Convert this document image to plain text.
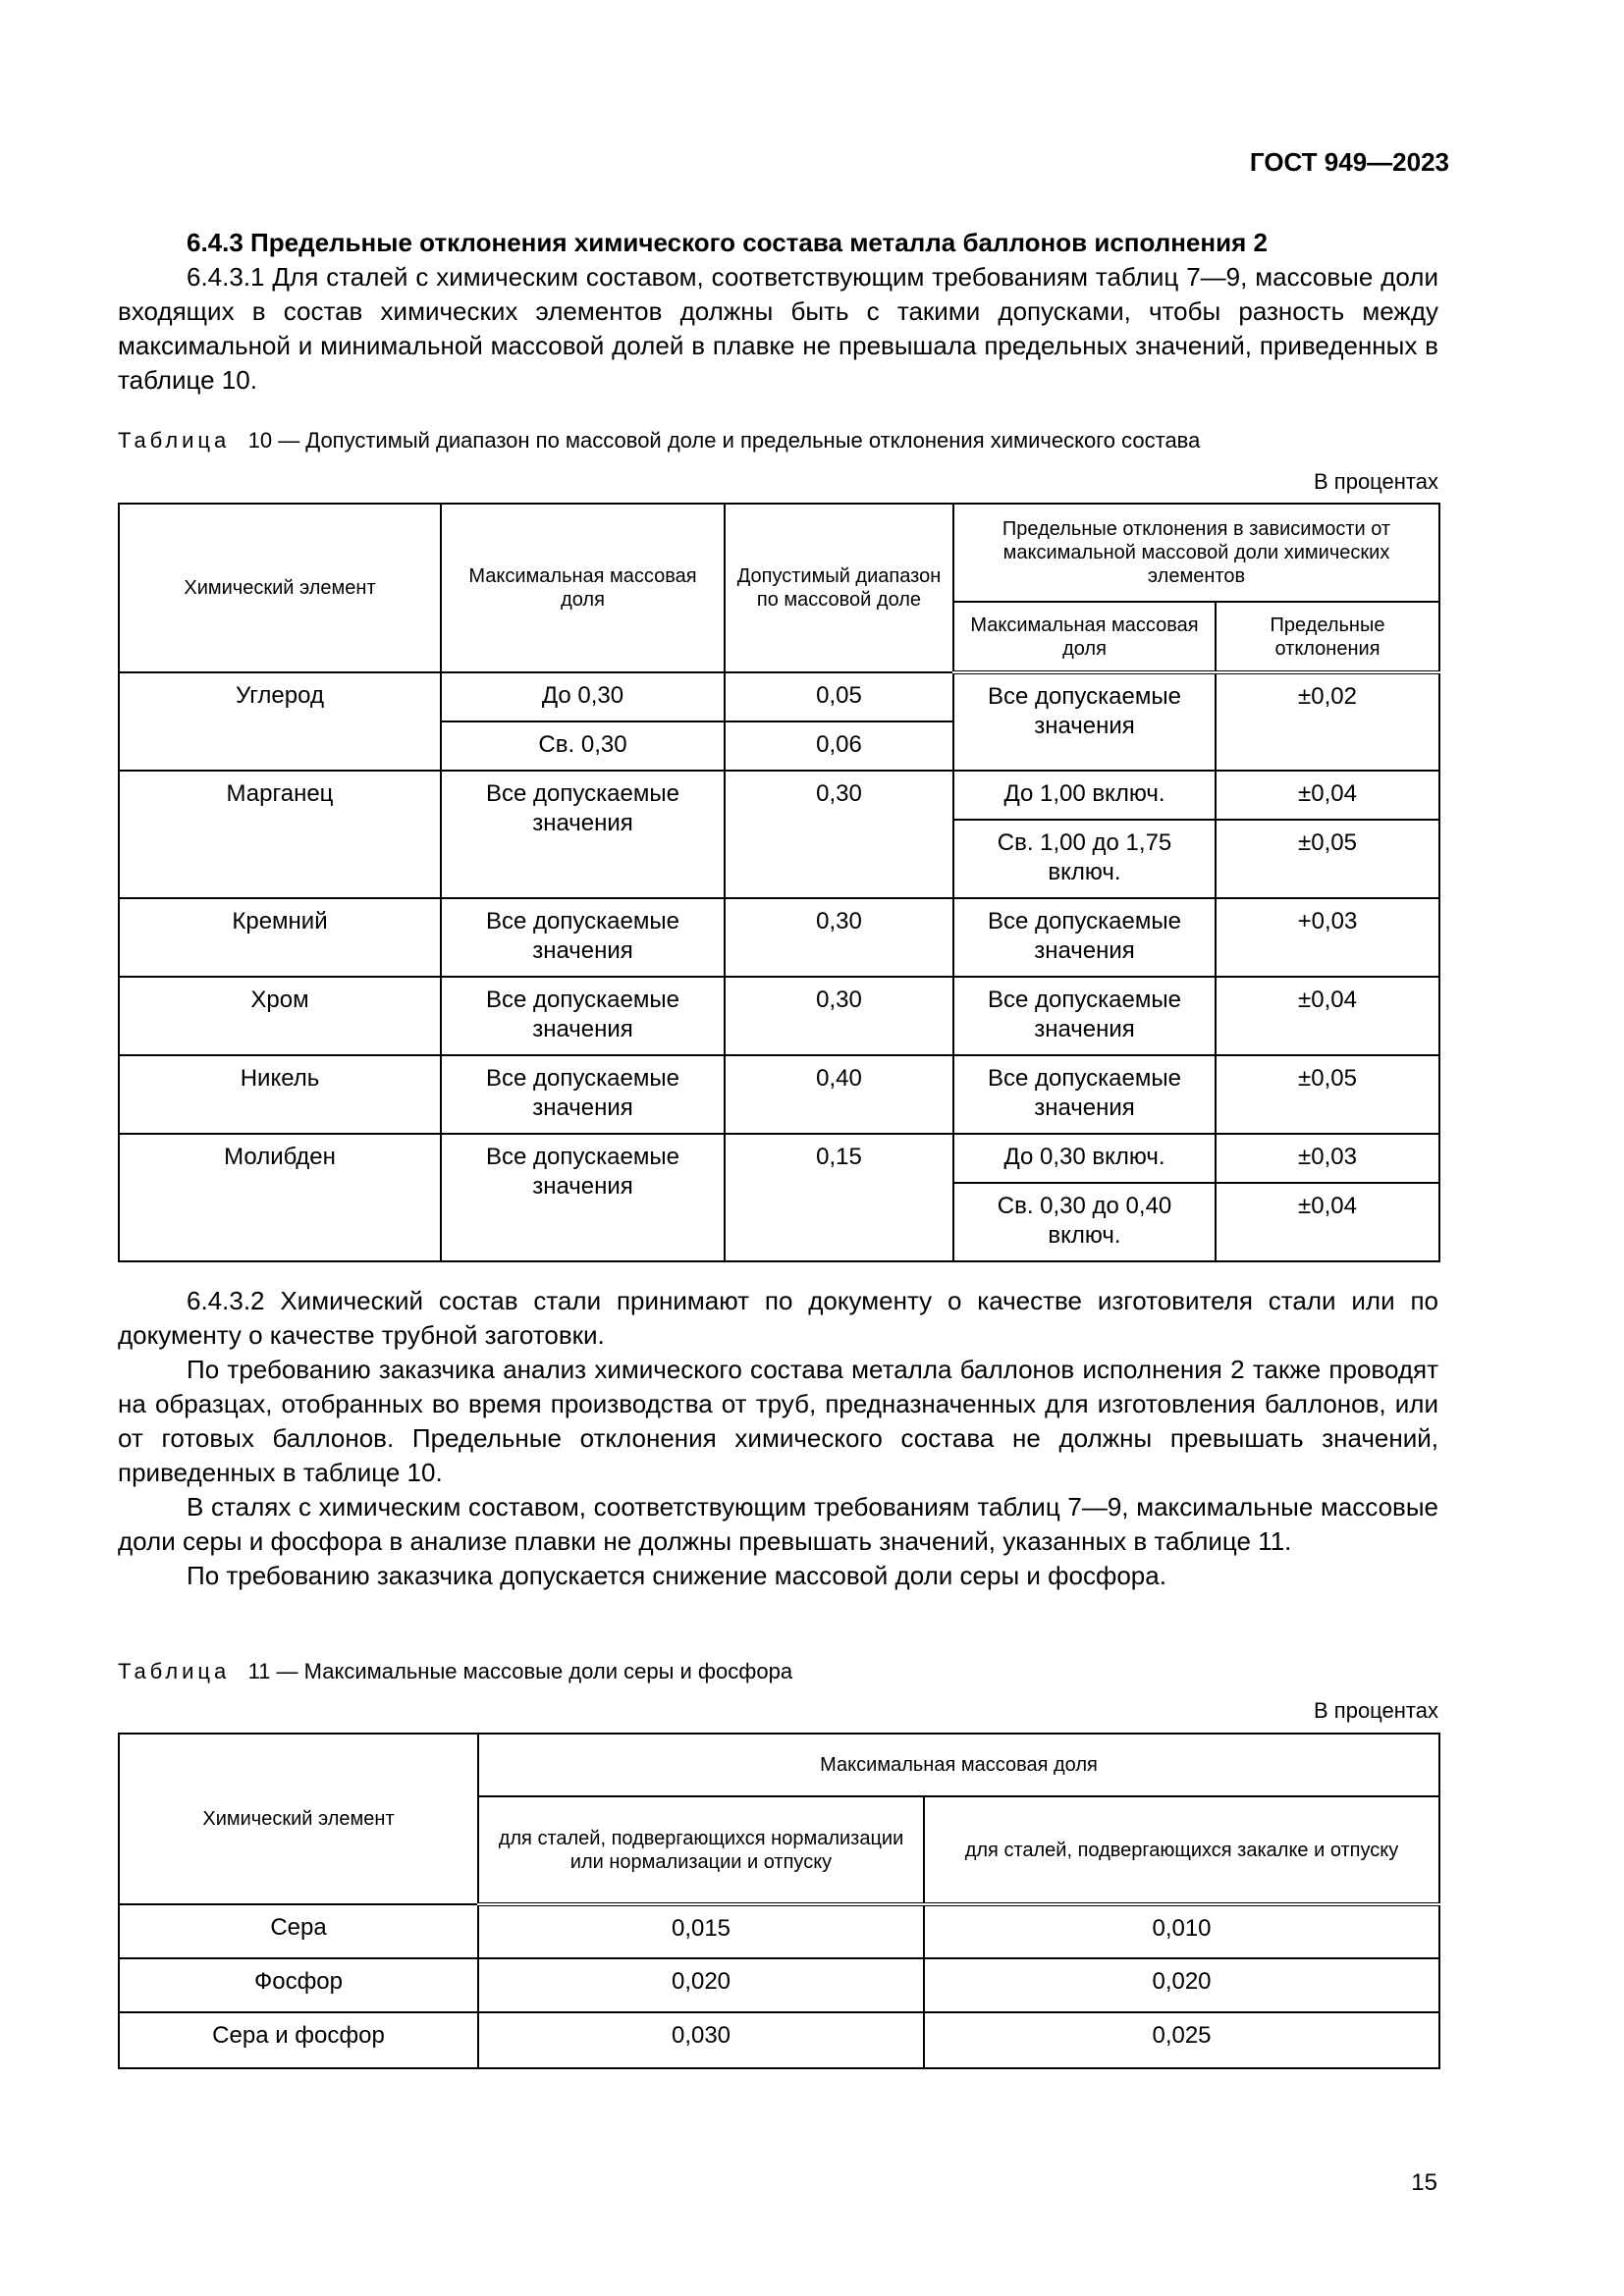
ГОСТ 949—2023

6.4.3 Предельные отклонения химического состава металла баллонов исполнения 2

6.4.3.1 Для сталей с химическим составом, соответствующим требованиям таблиц 7—9, массовые доли входящих в состав химических элементов должны быть с такими допусками, чтобы разность между максимальной и минимальной массовой долей в плавке не превышала предельных значений, приведенных в таблице 10.

Таблица 10 — Допустимый диапазон по массовой доле и предельные отклонения химического состава
В процентах
Химический элемент	Максимальная массовая доля	Допустимый диапазон по массовой доле	Предельные отклонения в зависимости от максимальной массовой доли химических элементов	
			Максимальная массовая доля	Предельные отклонения
Углерод	До 0,30	0,05	Все допускаемые значения	±0,02
	Св. 0,30	0,06		
Марганец	Все допускаемые значения	0,30	До 1,00 включ.	±0,04
			Св. 1,00 до 1,75 включ.	±0,05
Кремний	Все допускаемые значения	0,30	Все допускаемые значения	+0,03
Хром	Все допускаемые значения	0,30	Все допускаемые значения	±0,04
Никель	Все допускаемые значения	0,40	Все допускаемые значения	±0,05
Молибден	Все допускаемые значения	0,15	До 0,30 включ.	±0,03
			Св. 0,30 до 0,40 включ.	±0,04

6.4.3.2 Химический состав стали принимают по документу о качестве изготовителя стали или по документу о качестве трубной заготовки.

По требованию заказчика анализ химического состава металла баллонов исполнения 2 также проводят на образцах, отобранных во время производства от труб, предназначенных для изготовления баллонов, или от готовых баллонов. Предельные отклонения химического состава не должны превышать значений, приведенных в таблице 10.

В сталях с химическим составом, соответствующим требованиям таблиц 7—9, максимальные массовые доли серы и фосфора в анализе плавки не должны превышать значений, указанных в таблице 11.

По требованию заказчика допускается снижение массовой доли серы и фосфора.

Таблица 11 — Максимальные массовые доли серы и фосфора
В процентах
Химический элемент	Максимальная массовая доля	
	для сталей, подвергающихся нормализации или нормализации и отпуску	для сталей, подвергающихся закалке и отпуску
Сера	0,015	0,010
Фосфор	0,020	0,020
Сера и фосфор	0,030	0,025
15
